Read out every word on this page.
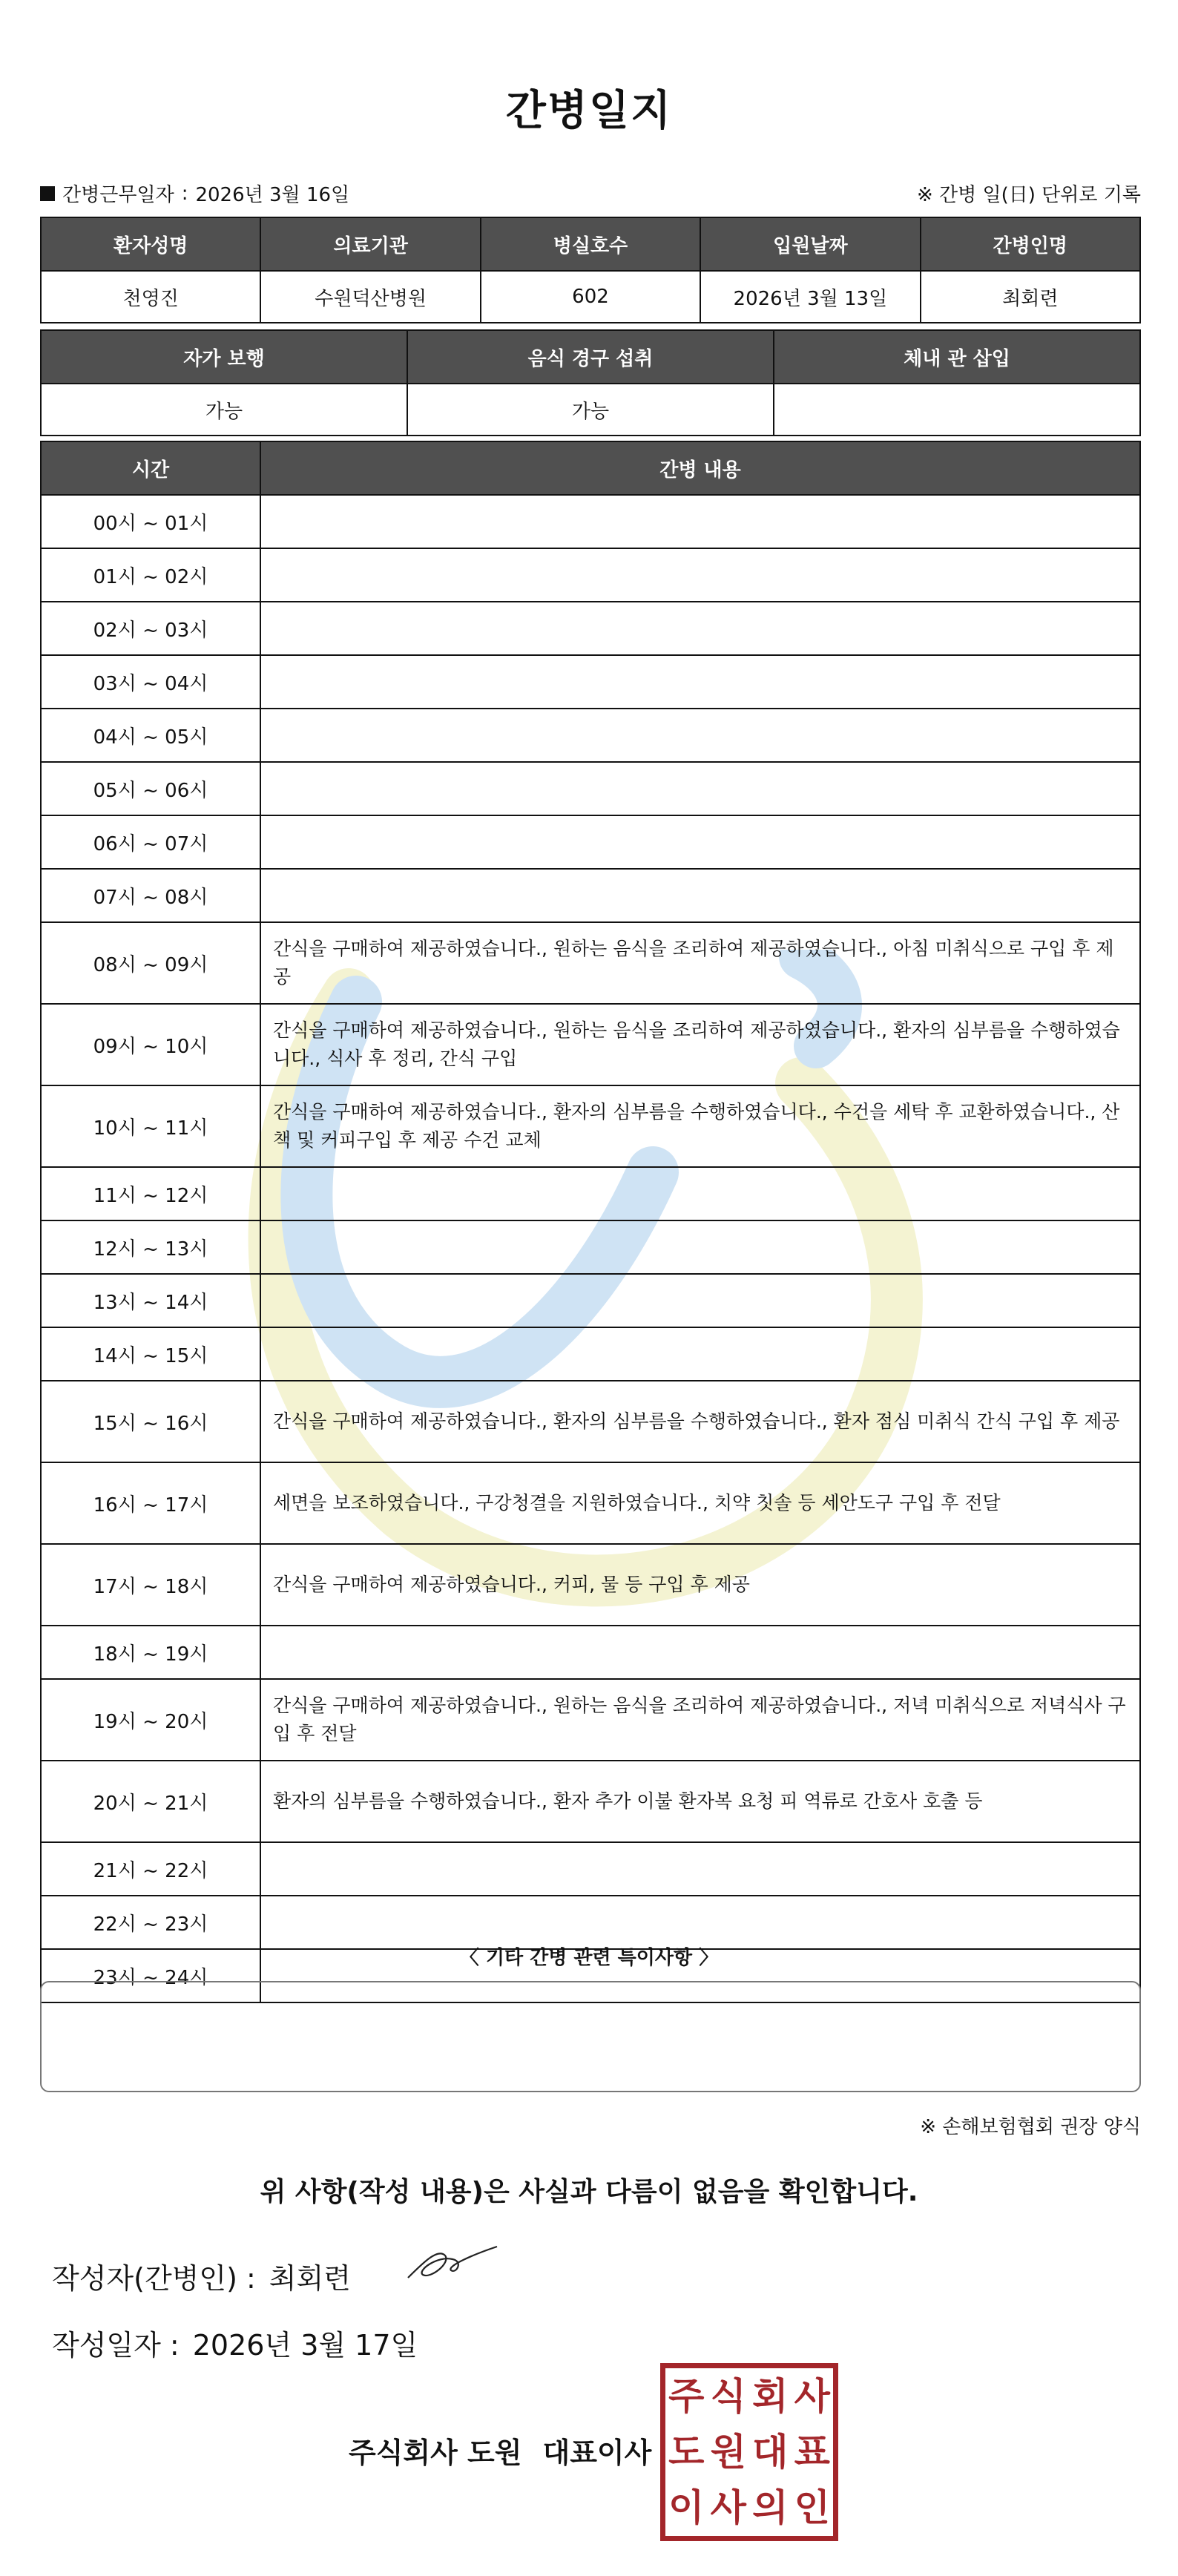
간병일지
간병근무일자 : 2026년 3월 16일	※ 간병 일(日) 단위로 기록
환자성명	의료기관	병실호수	입원날짜	간병인명
천영진	수원덕산병원	602	2026년 3월 13일	최회련
자가 보행	음식 경구 섭취	체내 관 삽입
가능	가능	
시간	간병 내용
00시 ~ 01시	
01시 ~ 02시	
02시 ~ 03시	
03시 ~ 04시	
04시 ~ 05시	
05시 ~ 06시	
06시 ~ 07시	
07시 ~ 08시	
08시 ~ 09시	간식을 구매하여 제공하였습니다., 원하는 음식을 조리하여 제공하였습니다., 아침 미취식으로 구입 후 제공
09시 ~ 10시	간식을 구매하여 제공하였습니다., 원하는 음식을 조리하여 제공하였습니다., 환자의 심부름을 수행하였습니다., 식사 후 정리, 간식 구입
10시 ~ 11시	간식을 구매하여 제공하였습니다., 환자의 심부름을 수행하였습니다., 수건을 세탁 후 교환하였습니다., 산책 및 커피구입 후 제공 수건 교체
11시 ~ 12시	
12시 ~ 13시	
13시 ~ 14시	
14시 ~ 15시	
15시 ~ 16시	간식을 구매하여 제공하였습니다., 환자의 심부름을 수행하였습니다., 환자 점심 미취식 간식 구입 후 제공
16시 ~ 17시	세면을 보조하였습니다., 구강청결을 지원하였습니다., 치약 칫솔 등 세안도구 구입 후 전달
17시 ~ 18시	간식을 구매하여 제공하였습니다., 커피, 물 등 구입 후 제공
18시 ~ 19시	
19시 ~ 20시	간식을 구매하여 제공하였습니다., 원하는 음식을 조리하여 제공하였습니다., 저녁 미취식으로 저녁식사 구입 후 전달
20시 ~ 21시	환자의 심부름을 수행하였습니다., 환자 추가 이불 환자복 요청 피 역류로 간호사 호출 등
21시 ~ 22시	
22시 ~ 23시	
23시 ~ 24시	
〈 기타 간병 관련 특이사항 〉
※ 손해보험협회 권장 양식
위 사항(작성 내용)은 사실과 다름이 없음을 확인합니다.
작성자(간병인) : 최회련
작성일자 : 2026년 3월 17일
주식회사 도원 대표이사
주 식 회 사
도 원 대 표
이 사 의 인
